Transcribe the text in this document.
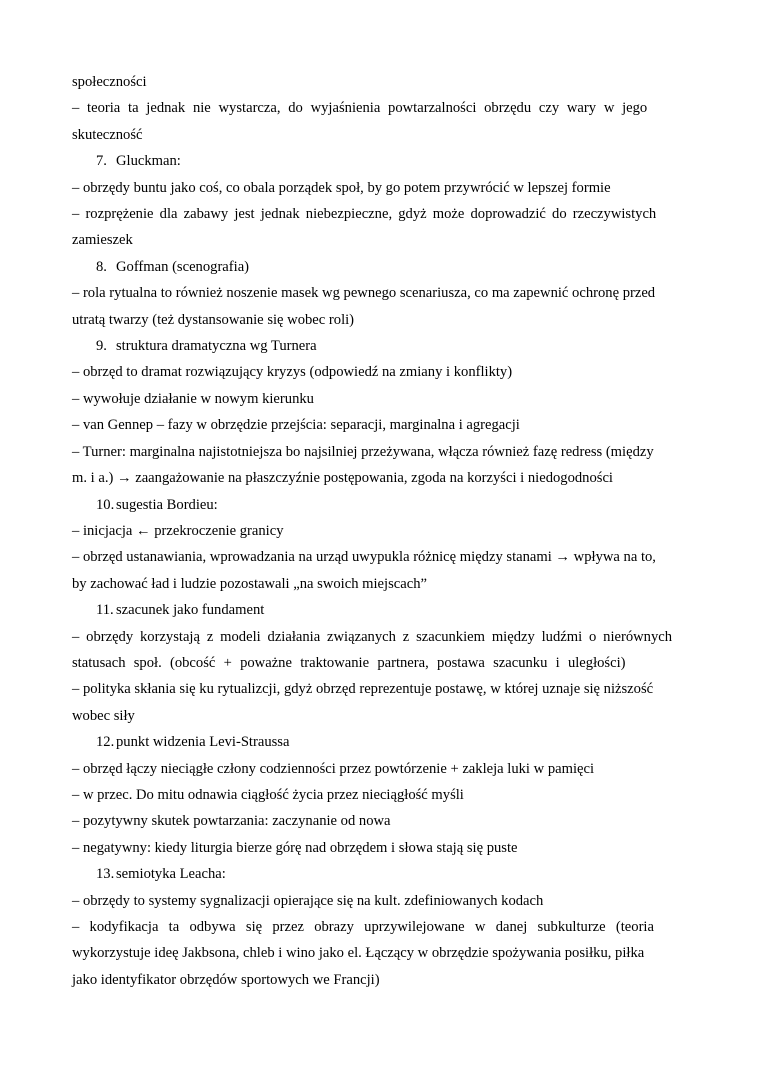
społeczności
– teoria ta jednak nie wystarcza, do wyjaśnienia powtarzalności obrzędu czy wary w jego
skuteczność
7. Gluckman:
– obrzędy buntu jako coś, co obala porządek społ, by go potem przywrócić w lepszej formie
– rozprężenie dla zabawy jest jednak niebezpieczne, gdyż może doprowadzić do rzeczywistych
zamieszek
8. Goffman (scenografia)
– rola rytualna to również noszenie masek wg pewnego scenariusza, co ma zapewnić ochronę przed
utratą twarzy (też dystansowanie się wobec roli)
9. struktura dramatyczna wg Turnera
– obrzęd to dramat rozwiązujący kryzys (odpowiedź na zmiany i konflikty)
– wywołuje działanie w nowym kierunku
– van Gennep – fazy w obrzędzie przejścia: separacji, marginalna i agregacji
– Turner: marginalna najistotniejsza bo najsilniej przeżywana, włącza również fazę redress (między
m. i a.) → zaangażowanie na płaszczyźnie postępowania, zgoda na korzyści i niedogodności
10. sugestia Bordieu:
– inicjacja ← przekroczenie granicy
– obrzęd ustanawiania, wprowadzania na urząd uwypukla różnicę między stanami → wpływa na to,
by zachować ład i ludzie pozostawali „na swoich miejscach”
11. szacunek jako fundament
– obrzędy korzystają z modeli działania związanych z szacunkiem między ludźmi o nierównych
statusach społ. (obcość + poważne traktowanie partnera, postawa szacunku i uległości)
– polityka skłania się ku rytualizcji, gdyż obrzęd reprezentuje postawę, w której uznaje się niższość
wobec siły
12. punkt widzenia Levi-Straussa
– obrzęd łączy nieciągłe człony codzienności przez powtórzenie + zakleja luki w pamięci
– w przec. Do mitu odnawia ciągłość życia przez nieciągłość myśli
– pozytywny skutek powtarzania: zaczynanie od nowa
– negatywny: kiedy liturgia bierze górę nad obrzędem i słowa stają się puste
13. semiotyka Leacha:
– obrzędy to systemy sygnalizacji opierające się na kult. zdefiniowanych kodach
– kodyfikacja ta odbywa się przez obrazy uprzywilejowane w danej subkulturze (teoria
wykorzystuje ideę Jakbsona, chleb i wino jako el. Łączący w obrzędzie spożywania posiłku, piłka
jako identyfikator obrzędów sportowych we Francji)
